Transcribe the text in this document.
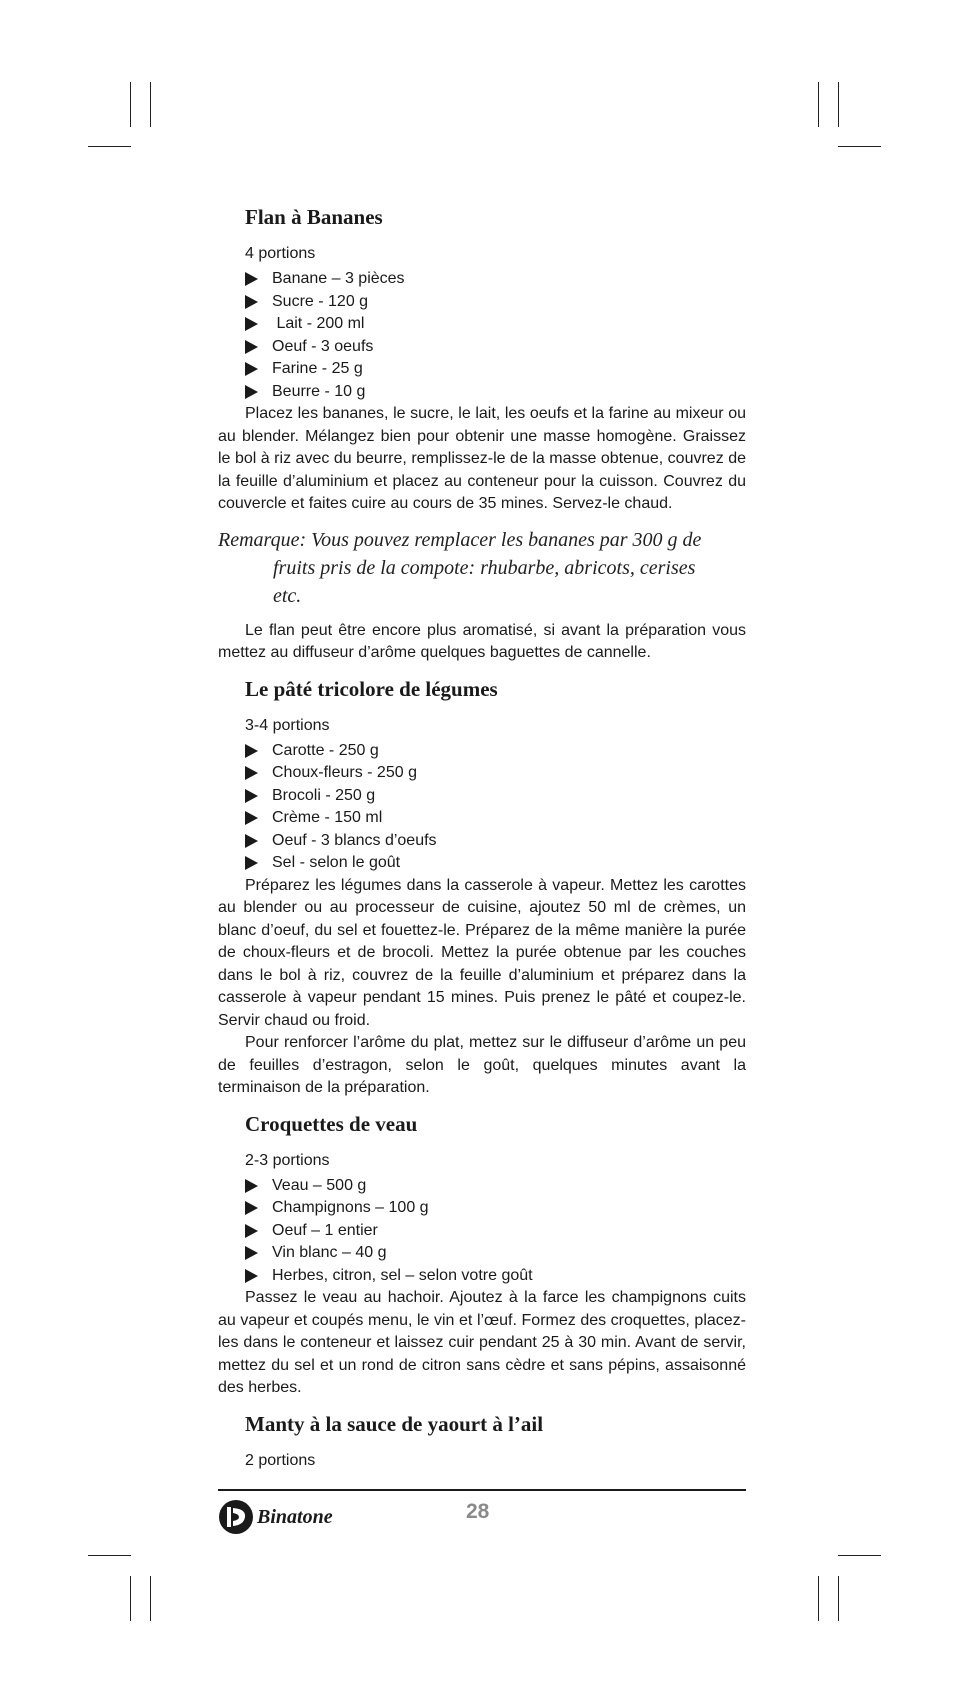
Flan à Bananes
4 portions
Banane – 3 pièces
Sucre - 120 g
Lait - 200 ml
Oeuf - 3 oeufs
Farine - 25 g
Beurre - 10 g

Placez les bananes, le sucre, le lait, les oeufs et la farine au mixeur ou au blender. Mélangez bien pour obtenir une masse homogène. Graissez le bol à riz avec du beurre, remplissez-le de la masse obtenue, couvrez de la feuille d’aluminium et placez au conteneur pour la cuisson. Couvrez du couvercle et faites cuire au cours de 35 mines. Servez-le chaud.

Remarque: Vous pouvez remplacer les bananes par 300 g de fruits pris de la compote: rhubarbe, abricots, cerises etc.

Le flan peut être encore plus aromatisé, si avant la préparation vous mettez au diffuseur d’arôme quelques baguettes de cannelle.

Le pâté tricolore de légumes
3-4 portions
Carotte - 250 g
Choux-fleurs - 250 g
Brocoli - 250 g
Crème - 150 ml
Oeuf - 3 blancs d’oeufs
Sel - selon le goût

Préparez les légumes dans la casserole à vapeur. Mettez les carottes au blender ou au processeur de cuisine, ajoutez 50 ml de crèmes, un blanc d’oeuf, du sel et fouettez-le. Préparez de la même manière la purée de choux-fleurs et de brocoli. Mettez la purée obtenue par les couches dans le bol à riz, couvrez de la feuille d’aluminium et préparez dans la casserole à vapeur pendant 15 mines. Puis prenez le pâté et coupez-le. Servir chaud ou froid.

Pour renforcer l’arôme du plat, mettez sur le diffuseur d’arôme un peu de feuilles d’estragon, selon le goût, quelques minutes avant la terminaison de la préparation.

Croquettes de veau
2-3 portions
Veau – 500 g
Champignons – 100 g
Oeuf – 1 entier
Vin blanc – 40 g
Herbes, citron, sel – selon votre goût

Passez le veau au hachoir. Ajoutez à la farce les champignons cuits au vapeur et coupés menu, le vin et l’œuf. Formez des croquettes, placez-les dans le conteneur et laissez cuir pendant 25 à 30 min. Avant de servir, mettez du sel et un rond de citron sans cèdre et sans pépins, assaisonné des herbes.

Manty à la sauce de yaourt à l’ail
2 portions
Binatone	28
